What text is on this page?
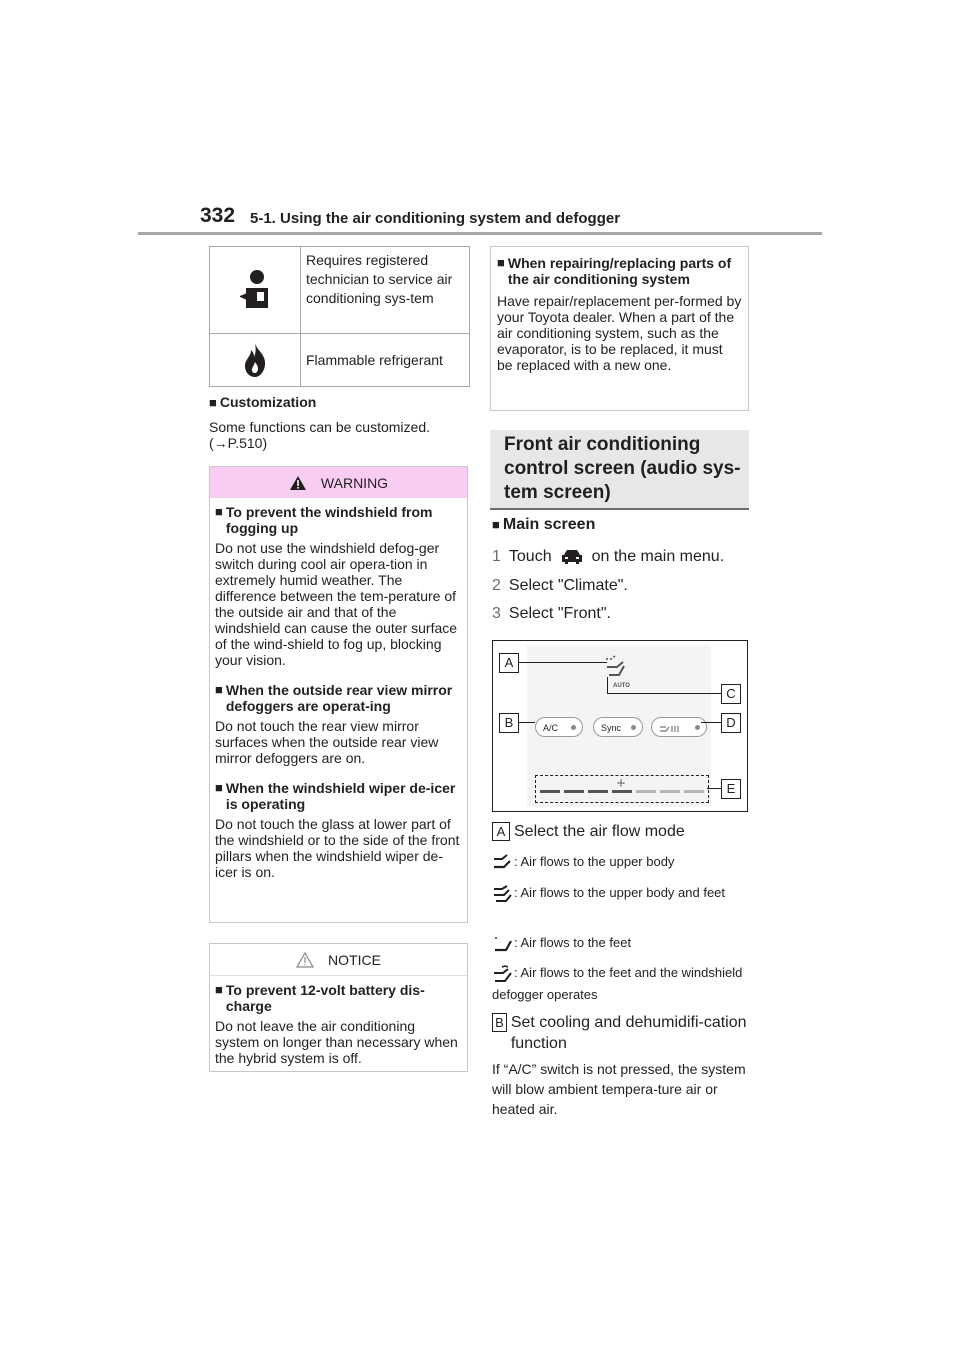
332 5-1. Using the air conditioning system and defogger
Requires registered technician to service air conditioning sys-tem
Flammable refrigerant
■ Customization
Some functions can be customized. (→P.510)
WARNING
■ To prevent the windshield from fogging up
Do not use the windshield defog-ger switch during cool air opera-tion in extremely humid weather. The difference between the tem-perature of the outside air and that of the windshield can cause the outer surface of the wind-shield to fog up, blocking your vision.
■ When the outside rear view mirror defoggers are operat-ing
Do not touch the rear view mirror surfaces when the outside rear view mirror defoggers are on.
■ When the windshield wiper de-icer is operating
Do not touch the glass at lower part of the windshield or to the side of the front pillars when the windshield wiper de-icer is on.
NOTICE
■ To prevent 12-volt battery dis-charge
Do not leave the air conditioning system on longer than necessary when the hybrid system is off.
■ When repairing/replacing parts of the air conditioning system
Have repair/replacement per-formed by your Toyota dealer. When a part of the air conditioning system, such as the evaporator, is to be replaced, it must be replaced with a new one.
Front air conditioning control screen (audio sys-tem screen)
■ Main screen
1 Touch	on the main menu.
2 Select "Climate".
3 Select "Front".
AUTO
A/C	Sync
A
B
C
D
E
A Select the air flow mode
: Air flows to the upper body
: Air flows to the upper body and feet
: Air flows to the feet
: Air flows to the feet and the windshield defogger operates
B Set cooling and dehumidifi-cation function
If “A/C” switch is not pressed, the system will blow ambient tempera-ture air or heated air.
